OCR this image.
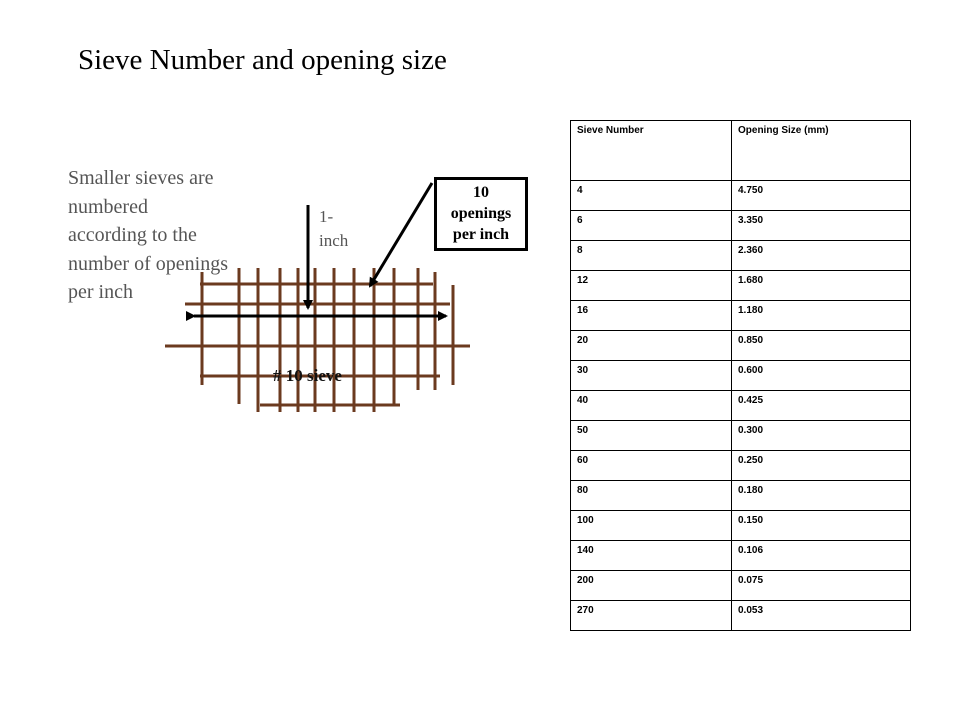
Sieve Number and opening size
Smaller sieves are
numbered
according to the
number of openings
per inch
1-
inch
10
openings
per inch
# 10 sieve
Sieve Number	Opening Size (mm)
4	4.750
6	3.350
8	2.360
12	1.680
16	1.180
20	0.850
30	0.600
40	0.425
50	0.300
60	0.250
80	0.180
100	0.150
140	0.106
200	0.075
270	0.053
